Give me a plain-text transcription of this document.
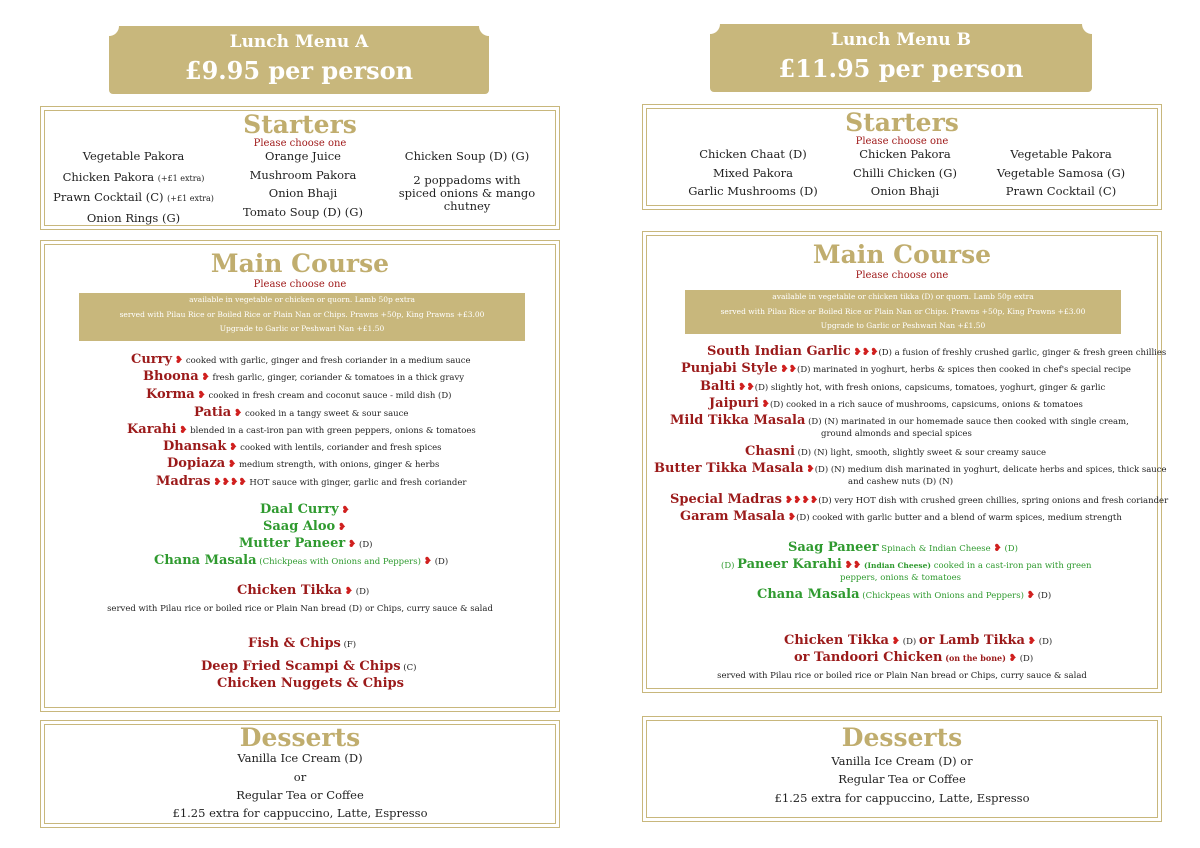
Lunch Menu A
£9.95 per person
Starters
Please choose one
Vegetable Pakora
Chicken Pakora (+£1 extra)
Prawn Cocktail (C) (+£1 extra)
Onion Rings (G)
Orange Juice
Mushroom Pakora
Onion Bhaji
Tomato Soup (D) (G)
Chicken Soup (D) (G)
2 poppadoms with spiced onions & mango chutney
Main Course
Please choose one
available in vegetable or chicken or quorn. Lamb 50p extra
served with Pilau Rice or Boiled Rice or Plain Nan or Chips. Prawns +50p, King Prawns +£3.00
Upgrade to Garlic or Peshwari Nan +£1.50
Curry ❥ cooked with garlic, ginger and fresh coriander in a medium sauce
Bhoona ❥ fresh garlic, ginger, coriander & tomatoes in a thick gravy
Korma ❥ cooked in fresh cream and coconut sauce - mild dish (D)
Patia ❥ cooked in a tangy sweet & sour sauce
Karahi ❥ blended in a cast-iron pan with green peppers, onions & tomatoes
Dhansak ❥ cooked with lentils, coriander and fresh spices
Dopiaza ❥ medium strength, with onions, ginger & herbs
Madras ❥❥❥❥ HOT sauce with ginger, garlic and fresh coriander
Daal Curry ❥
Saag Aloo ❥
Mutter Paneer ❥ (D)
Chana Masala (Chickpeas with Onions and Peppers) ❥ (D)
Chicken Tikka ❥ (D)
served with Pilau rice or boiled rice or Plain Nan bread (D) or Chips, curry sauce & salad
Fish & Chips (F)
Deep Fried Scampi & Chips (C)
Chicken Nuggets & Chips
Desserts
Vanilla Ice Cream (D)
or
Regular Tea or Coffee
£1.25 extra for cappuccino, Latte, Espresso
Lunch Menu B
£11.95 per person
Starters
Please choose one
Chicken Chaat (D)
Mixed Pakora
Garlic Mushrooms (D)
Chicken Pakora
Chilli Chicken (G)
Onion Bhaji
Vegetable Pakora
Vegetable Samosa (G)
Prawn Cocktail (C)
Main Course
Please choose one
available in vegetable or chicken tikka (D) or quorn. Lamb 50p extra
served with Pilau Rice or Boiled Rice or Plain Nan or Chips. Prawns +50p, King Prawns +£3.00
Upgrade to Garlic or Peshwari Nan +£1.50
South Indian Garlic ❥❥❥(D) a fusion of freshly crushed garlic, ginger & fresh green chillies
Punjabi Style ❥❥(D) marinated in yoghurt, herbs & spices then cooked in chef's special recipe
Balti ❥❥(D) slightly hot, with fresh onions, capsicums, tomatoes, yoghurt, ginger & garlic
Jaipuri ❥(D) cooked in a rich sauce of mushrooms, capsicums, onions & tomatoes
Mild Tikka Masala (D) (N) marinated in our homemade sauce then cooked with single cream,
ground almonds and special spices
Chasni (D) (N) light, smooth, slightly sweet & sour creamy sauce
Butter Tikka Masala ❥(D) (N) medium dish marinated in yoghurt, delicate herbs and spices, thick sauce
and cashew nuts (D) (N)
Special Madras ❥❥❥❥(D) very HOT dish with crushed green chillies, spring onions and fresh coriander
Garam Masala ❥(D) cooked with garlic butter and a blend of warm spices, medium strength
Saag Paneer Spinach & Indian Cheese ❥ (D)
(D) Paneer Karahi ❥❥ (Indian Cheese) cooked in a cast-iron pan with green
peppers, onions & tomatoes
Chana Masala (Chickpeas with Onions and Peppers) ❥ (D)
Chicken Tikka ❥ (D) or Lamb Tikka ❥ (D)
or Tandoori Chicken (on the bone) ❥ (D)
served with Pilau rice or boiled rice or Plain Nan bread or Chips, curry sauce & salad
Desserts
Vanilla Ice Cream (D) or
Regular Tea or Coffee
£1.25 extra for cappuccino, Latte, Espresso
